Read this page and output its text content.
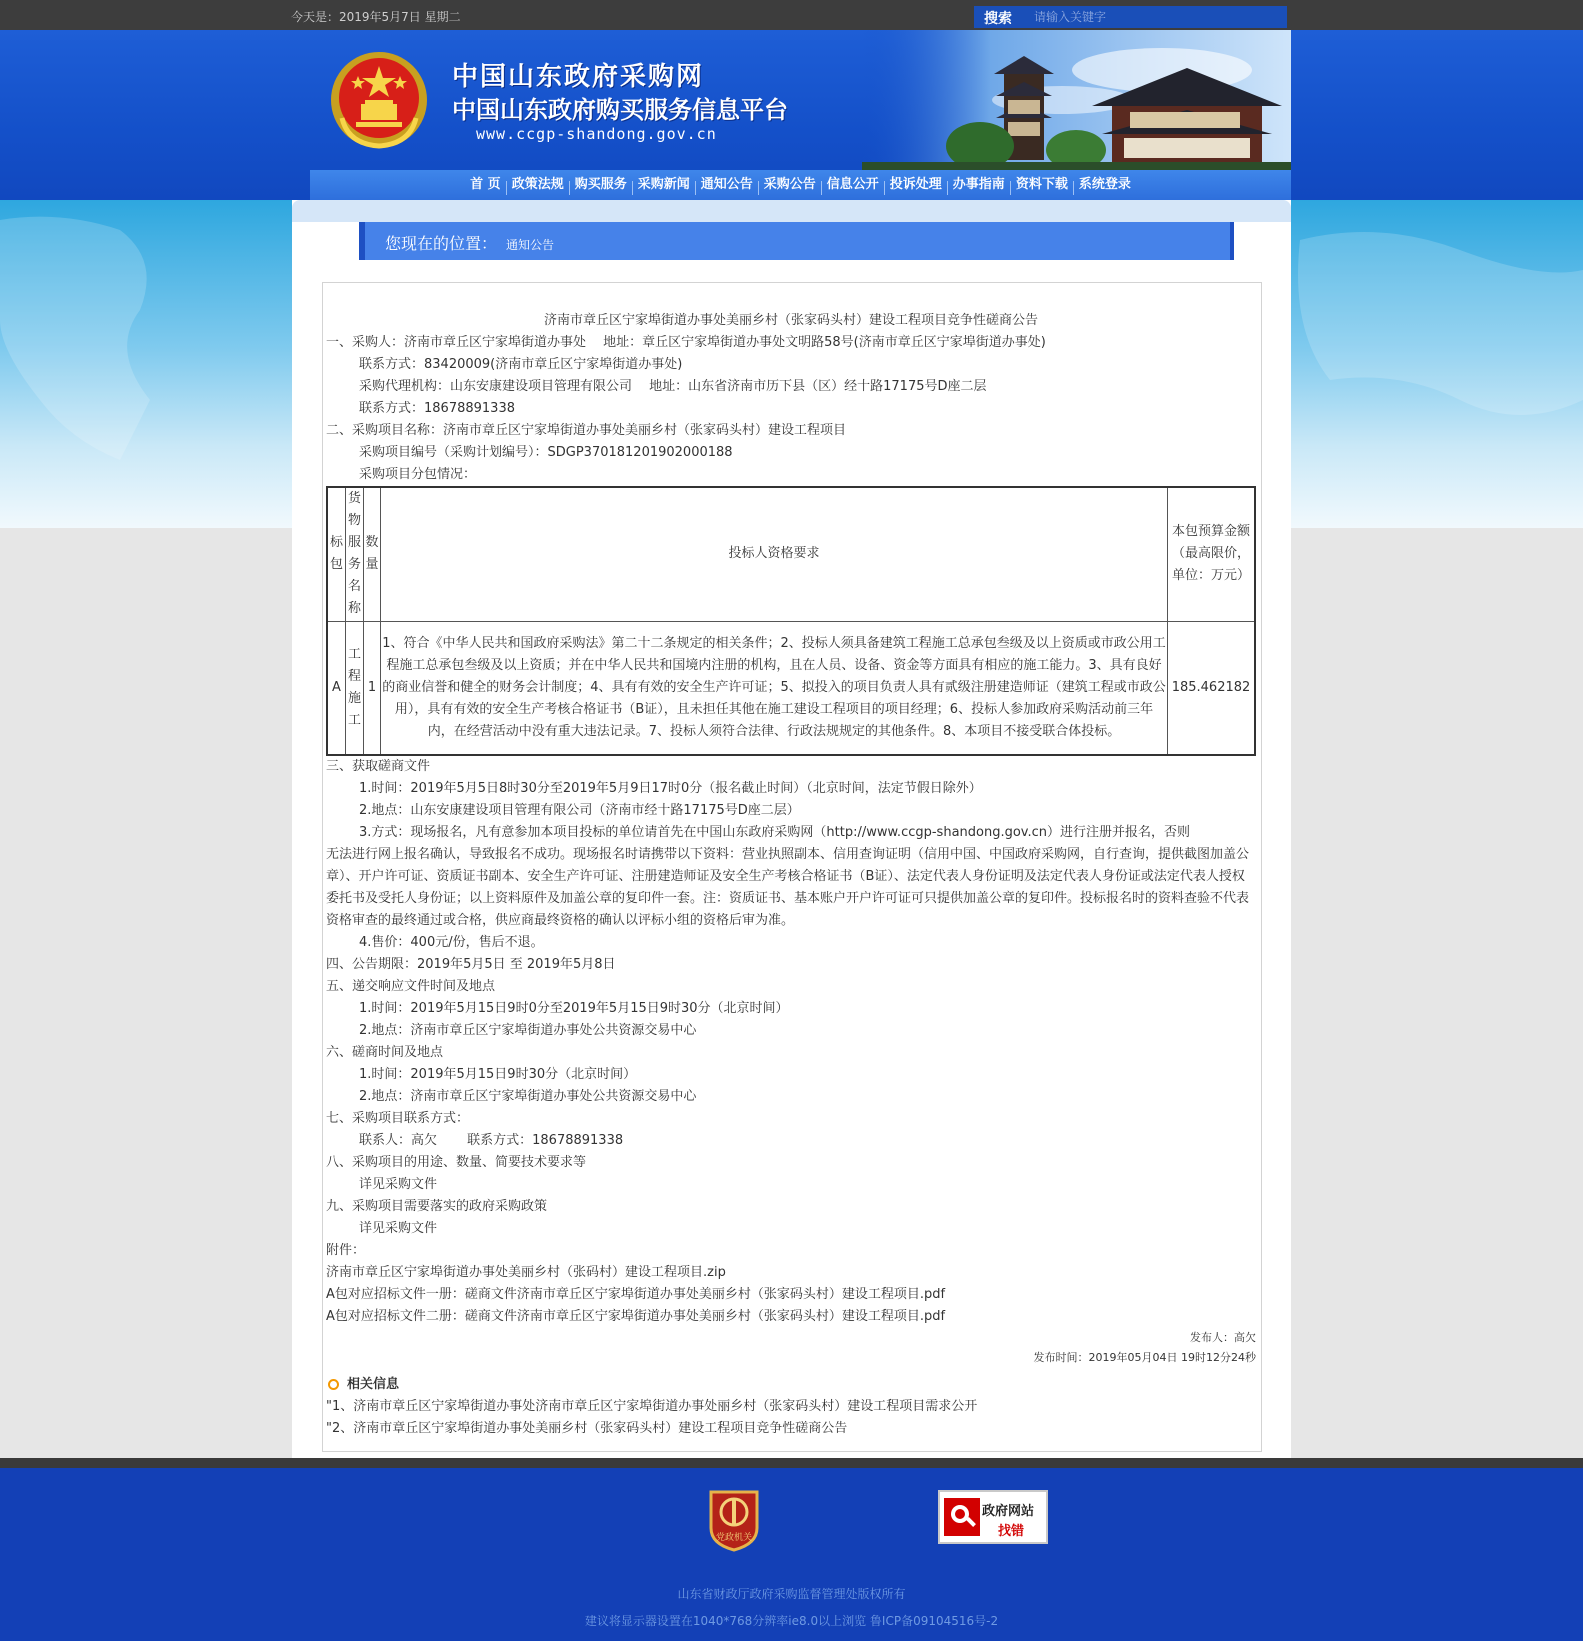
今天是：2019年5月7日 星期二	搜索
请输入关键字
中国山东政府采购网
中国山东政府购买服务信息平台
www.ccgp-shandong.gov.cn
首 页 政策法规 购买服务 采购新闻 通知公告 采购公告 信息公开 投诉处理 办事指南 资料下载 系统登录
您现在的位置： 通知公告

济南市章丘区宁家埠街道办事处美丽乡村（张家码头村）建设工程项目竞争性磋商公告

一、采购人：济南市章丘区宁家埠街道办事处　 地址：章丘区宁家埠街道办事处文明路58号(济南市章丘区宁家埠街道办事处)

联系方式：83420009(济南市章丘区宁家埠街道办事处)

采购代理机构：山东安康建设项目管理有限公司　 地址：山东省济南市历下县（区）经十路17175号D座二层

联系方式：18678891338

二、采购项目名称：济南市章丘区宁家埠街道办事处美丽乡村（张家码头村）建设工程项目

采购项目编号（采购计划编号）：SDGP370181201902000188

采购项目分包情况：

标包	货物服务名称	数量	投标人资格要求	本包预算金额（最高限价，单位：万元）
A	工程施工	1	1、符合《中华人民共和国政府采购法》第二十二条规定的相关条件；2、投标人须具备建筑工程施工总承包叁级及以上资质或市政公用工程施工总承包叁级及以上资质；并在中华人民共和国境内注册的机构，且在人员、设备、资金等方面具有相应的施工能力。3、具有良好的商业信誉和健全的财务会计制度；4、具有有效的安全生产许可证；5、拟投入的项目负责人具有贰级注册建造师证（建筑工程或市政公用），具有有效的安全生产考核合格证书（B证），且未担任其他在施工建设工程项目的项目经理；6、投标人参加政府采购活动前三年内，在经营活动中没有重大违法记录。7、投标人须符合法律、行政法规规定的其他条件。8、本项目不接受联合体投标。	185.462182

三、获取磋商文件

1.时间：2019年5月5日8时30分至2019年5月9日17时0分（报名截止时间）（北京时间，法定节假日除外）

2.地点：山东安康建设项目管理有限公司（济南市经十路17175号D座二层）

3.方式：现场报名，凡有意参加本项目投标的单位请首先在中国山东政府采购网（http://www.ccgp-shandong.gov.cn）进行注册并报名，否则

无法进行网上报名确认，导致报名不成功。现场报名时请携带以下资料：营业执照副本、信用查询证明（信用中国、中国政府采购网，自行查询，提供截图加盖公章）、开户许可证、资质证书副本、安全生产许可证、注册建造师证及安全生产考核合格证书（B证）、法定代表人身份证明及法定代表人身份证或法定代表人授权委托书及受托人身份证；以上资料原件及加盖公章的复印件一套。注：资质证书、基本账户开户许可证可只提供加盖公章的复印件。投标报名时的资料查验不代表资格审查的最终通过或合格，供应商最终资格的确认以评标小组的资格后审为准。

4.售价：400元/份，售后不退。

四、公告期限：2019年5月5日 至 2019年5月8日

五、递交响应文件时间及地点

1.时间：2019年5月15日9时0分至2019年5月15日9时30分（北京时间）

2.地点：济南市章丘区宁家埠街道办事处公共资源交易中心

六、磋商时间及地点

1.时间：2019年5月15日9时30分（北京时间）

2.地点：济南市章丘区宁家埠街道办事处公共资源交易中心

七、采购项目联系方式：

联系人：高欠　　 联系方式：18678891338

八、采购项目的用途、数量、简要技术要求等

详见采购文件

九、采购项目需要落实的政府采购政策

详见采购文件

附件：

济南市章丘区宁家埠街道办事处美丽乡村（张码村）建设工程项目.zip

A包对应招标文件一册：磋商文件济南市章丘区宁家埠街道办事处美丽乡村（张家码头村）建设工程项目.pdf

A包对应招标文件二册：磋商文件济南市章丘区宁家埠街道办事处美丽乡村（张家码头村）建设工程项目.pdf

发布人：高欠
发布时间：2019年05月04日 19时12分24秒
相关信息
"1、济南市章丘区宁家埠街道办事处济南市章丘区宁家埠街道办事处丽乡村（张家码头村）建设工程项目需求公开
"2、济南市章丘区宁家埠街道办事处美丽乡村（张家码头村）建设工程项目竞争性磋商公告
党政机关
政府网站
找错
山东省财政厅政府采购监督管理处版权所有
建议将显示器设置在1040*768分辨率ie8.0以上浏览 鲁ICP备09104516号-2
